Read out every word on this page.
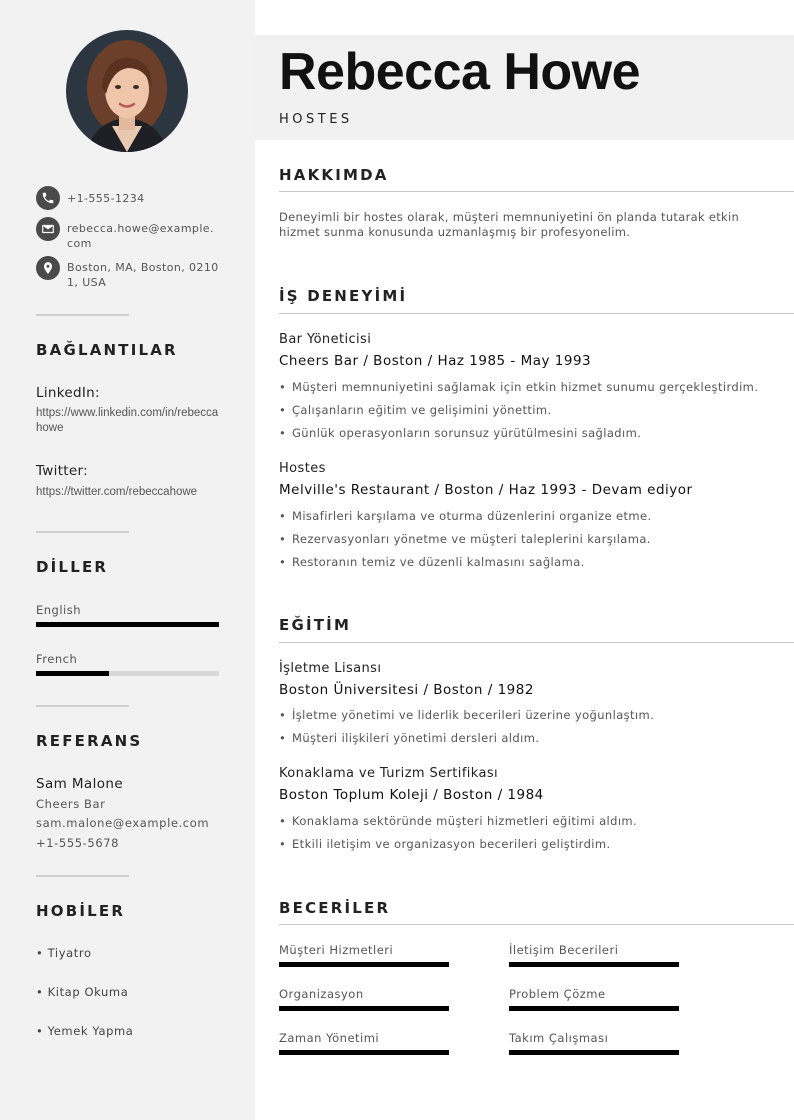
+1-555-1234
rebecca.howe@example.com
Boston, MA, Boston, 02101, USA
BAĞLANTILAR
LinkedIn:
https://www.linkedin.com/in/rebeccahowe
Twitter:
https://twitter.com/rebeccahowe
DİLLER
English
French
REFERANS
Sam Malone
Cheers Bar
sam.malone@example.com
+1-555-5678
HOBİLER
• Tiyatro
• Kitap Okuma
• Yemek Yapma
Rebecca Howe
HOSTES
HAKKIMDA
Deneyimli bir hostes olarak, müşteri memnuniyetini ön planda tutarak etkin hizmet sunma konusunda uzmanlaşmış bir profesyonelim.
İŞ DENEYİMİ
Bar Yöneticisi
Cheers Bar / Boston / Haz 1985 - May 1993
• Müşteri memnuniyetini sağlamak için etkin hizmet sunumu gerçekleştirdim.
• Çalışanların eğitim ve gelişimini yönettim.
• Günlük operasyonların sorunsuz yürütülmesini sağladım.
Hostes
Melville's Restaurant / Boston / Haz 1993 - Devam ediyor
• Misafirleri karşılama ve oturma düzenlerini organize etme.
• Rezervasyonları yönetme ve müşteri taleplerini karşılama.
• Restoranın temiz ve düzenli kalmasını sağlama.
EĞİTİM
İşletme Lisansı
Boston Üniversitesi / Boston / 1982
• İşletme yönetimi ve liderlik becerileri üzerine yoğunlaştım.
• Müşteri ilişkileri yönetimi dersleri aldım.
Konaklama ve Turizm Sertifikası
Boston Toplum Koleji / Boston / 1984
• Konaklama sektöründe müşteri hizmetleri eğitimi aldım.
• Etkili iletişim ve organizasyon becerileri geliştirdim.
BECERİLER
Müşteri Hizmetleri	İletişim Becerileri
Organizasyon	Problem Çözme
Zaman Yönetimi	Takım Çalışması
